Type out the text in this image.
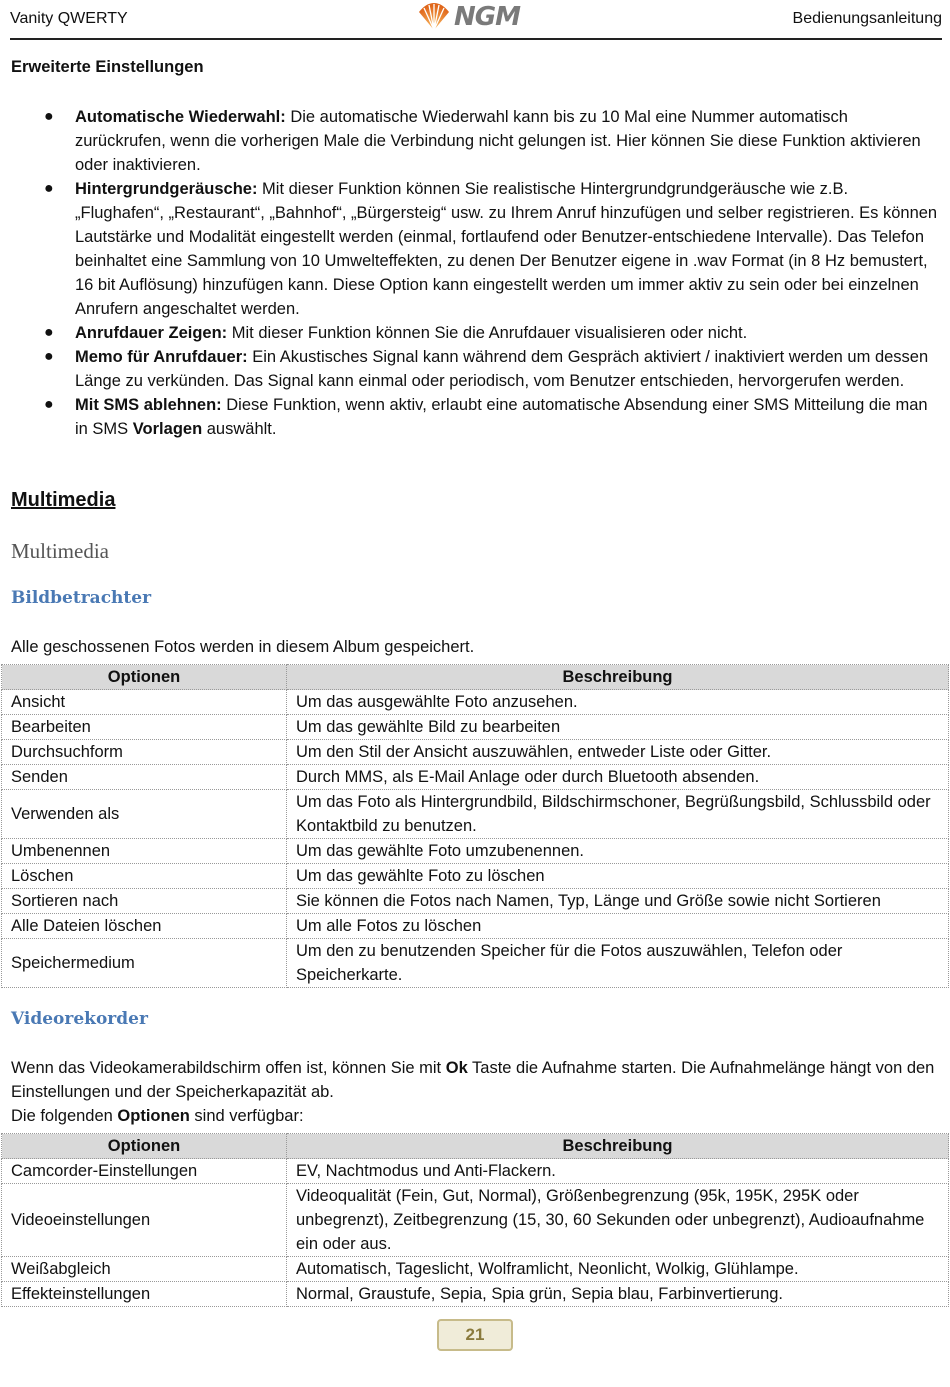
Vanity QWERTY	NGM	Bedienungsanleitung
Erweiterte Einstellungen
● Automatische Wiederwahl: Die automatische Wiederwahl kann bis zu 10 Mal eine Nummer automatisch zurückrufen, wenn die vorherigen Male die Verbindung nicht gelungen ist. Hier können Sie diese Funktion aktivieren oder inaktivieren.
● Hintergrundgeräusche: Mit dieser Funktion können Sie realistische Hintergrundgrundgeräusche wie z.B. „Flughafen“, „Restaurant“, „Bahnhof“, „Bürgersteig“ usw. zu Ihrem Anruf hinzufügen und selber registrieren. Es können Lautstärke und Modalität eingestellt werden (einmal, fortlaufend oder Benutzer-entschiedene Intervalle). Das Telefon beinhaltet eine Sammlung von 10 Umwelteffekten, zu denen Der Benutzer eigene in .wav Format (in 8 Hz bemustert, 16 bit Auflösung) hinzufügen kann. Diese Option kann eingestellt werden um immer aktiv zu sein oder bei einzelnen Anrufern angeschaltet werden.
● Anrufdauer Zeigen: Mit dieser Funktion können Sie die Anrufdauer visualisieren oder nicht.
● Memo für Anrufdauer: Ein Akustisches Signal kann während dem Gespräch aktiviert / inaktiviert werden um dessen Länge zu verkünden. Das Signal kann einmal oder periodisch, vom Benutzer entschieden, hervorgerufen werden.
● Mit SMS ablehnen: Diese Funktion, wenn aktiv, erlaubt eine automatische Absendung einer SMS Mitteilung die man in SMS Vorlagen auswählt.
Multimedia
Multimedia
Bildbetrachter
Alle geschossenen Fotos werden in diesem Album gespeichert.
Optionen	Beschreibung
Ansicht	Um das ausgewählte Foto anzusehen.
Bearbeiten	Um das gewählte Bild zu bearbeiten
Durchsuchform	Um den Stil der Ansicht auszuwählen, entweder Liste oder Gitter.
Senden	Durch MMS, als E-Mail Anlage oder durch Bluetooth absenden.
Verwenden als	Um das Foto als Hintergrundbild, Bildschirmschoner, Begrüßungsbild, Schlussbild oder Kontaktbild zu benutzen.
Umbenennen	Um das gewählte Foto umzubenennen.
Löschen	Um das gewählte Foto zu löschen
Sortieren nach	Sie können die Fotos nach Namen, Typ, Länge und Größe sowie nicht Sortieren
Alle Dateien löschen	Um alle Fotos zu löschen
Speichermedium	Um den zu benutzenden Speicher für die Fotos auszuwählen, Telefon oder Speicherkarte.
Videorekorder
Wenn das Videokamerabildschirm offen ist, können Sie mit Ok Taste die Aufnahme starten. Die Aufnahmelänge hängt von den Einstellungen und der Speicherkapazität ab.
Die folgenden Optionen sind verfügbar:
Optionen	Beschreibung
Camcorder-Einstellungen	EV, Nachtmodus und Anti-Flackern.
Videoeinstellungen	Videoqualität (Fein, Gut, Normal), Größenbegrenzung (95k, 195K, 295K oder unbegrenzt), Zeitbegrenzung (15, 30, 60 Sekunden oder unbegrenzt), Audioaufnahme ein oder aus.
Weißabgleich	Automatisch, Tageslicht, Wolframlicht, Neonlicht, Wolkig, Glühlampe.
Effekteinstellungen	Normal, Graustufe, Sepia, Spia grün, Sepia blau, Farbinvertierung.
21
